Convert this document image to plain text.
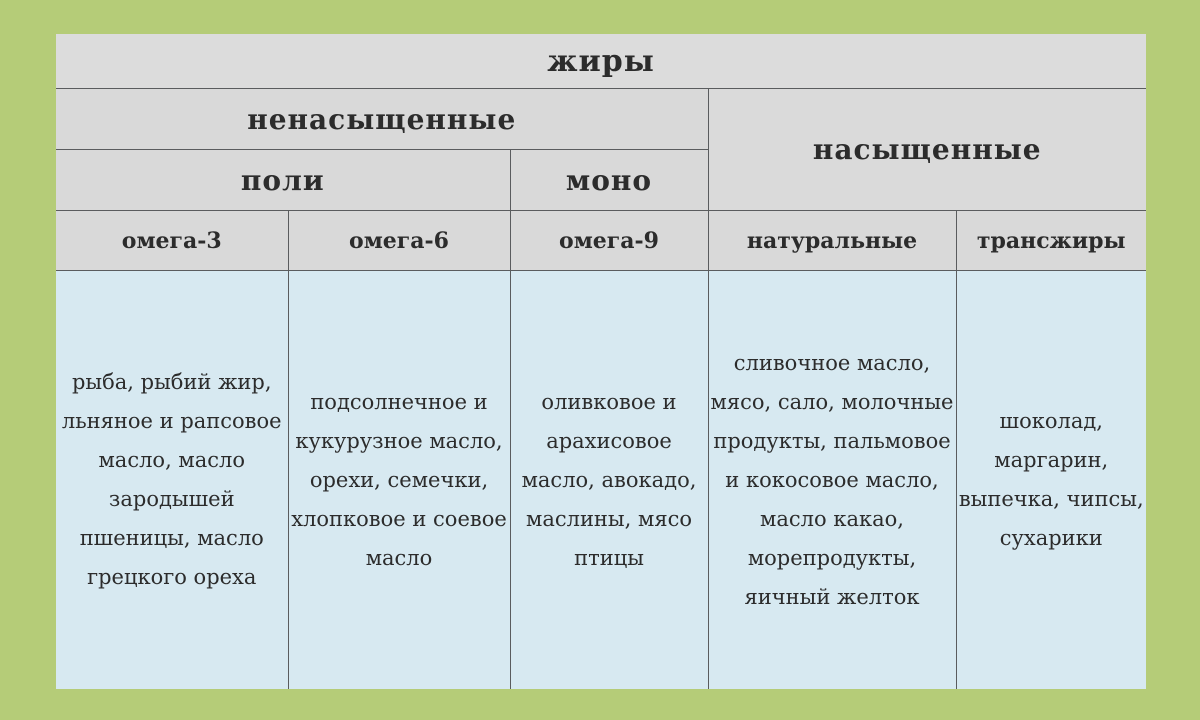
жиры				
ненасыщенные			насыщенные	
поли		моно		
омега-3	омега-6	омега-9	натуральные	трансжиры

рыба, рыбий жир, льняное и рапсовое масло, масло зародышей пшеницы, масло грецкого ореха	подсолнечное и кукурузное масло, орехи, семечки, хлопковое и соевое масло	оливковое и арахисовое масло, авокадо, маслины, мясо птицы	сливочное масло, мясо, сало, молочные продукты, пальмовое и кокосовое масло, масло какао, морепродукты, яичный желток	шоколад, маргарин, выпечка, чипсы, сухарики
